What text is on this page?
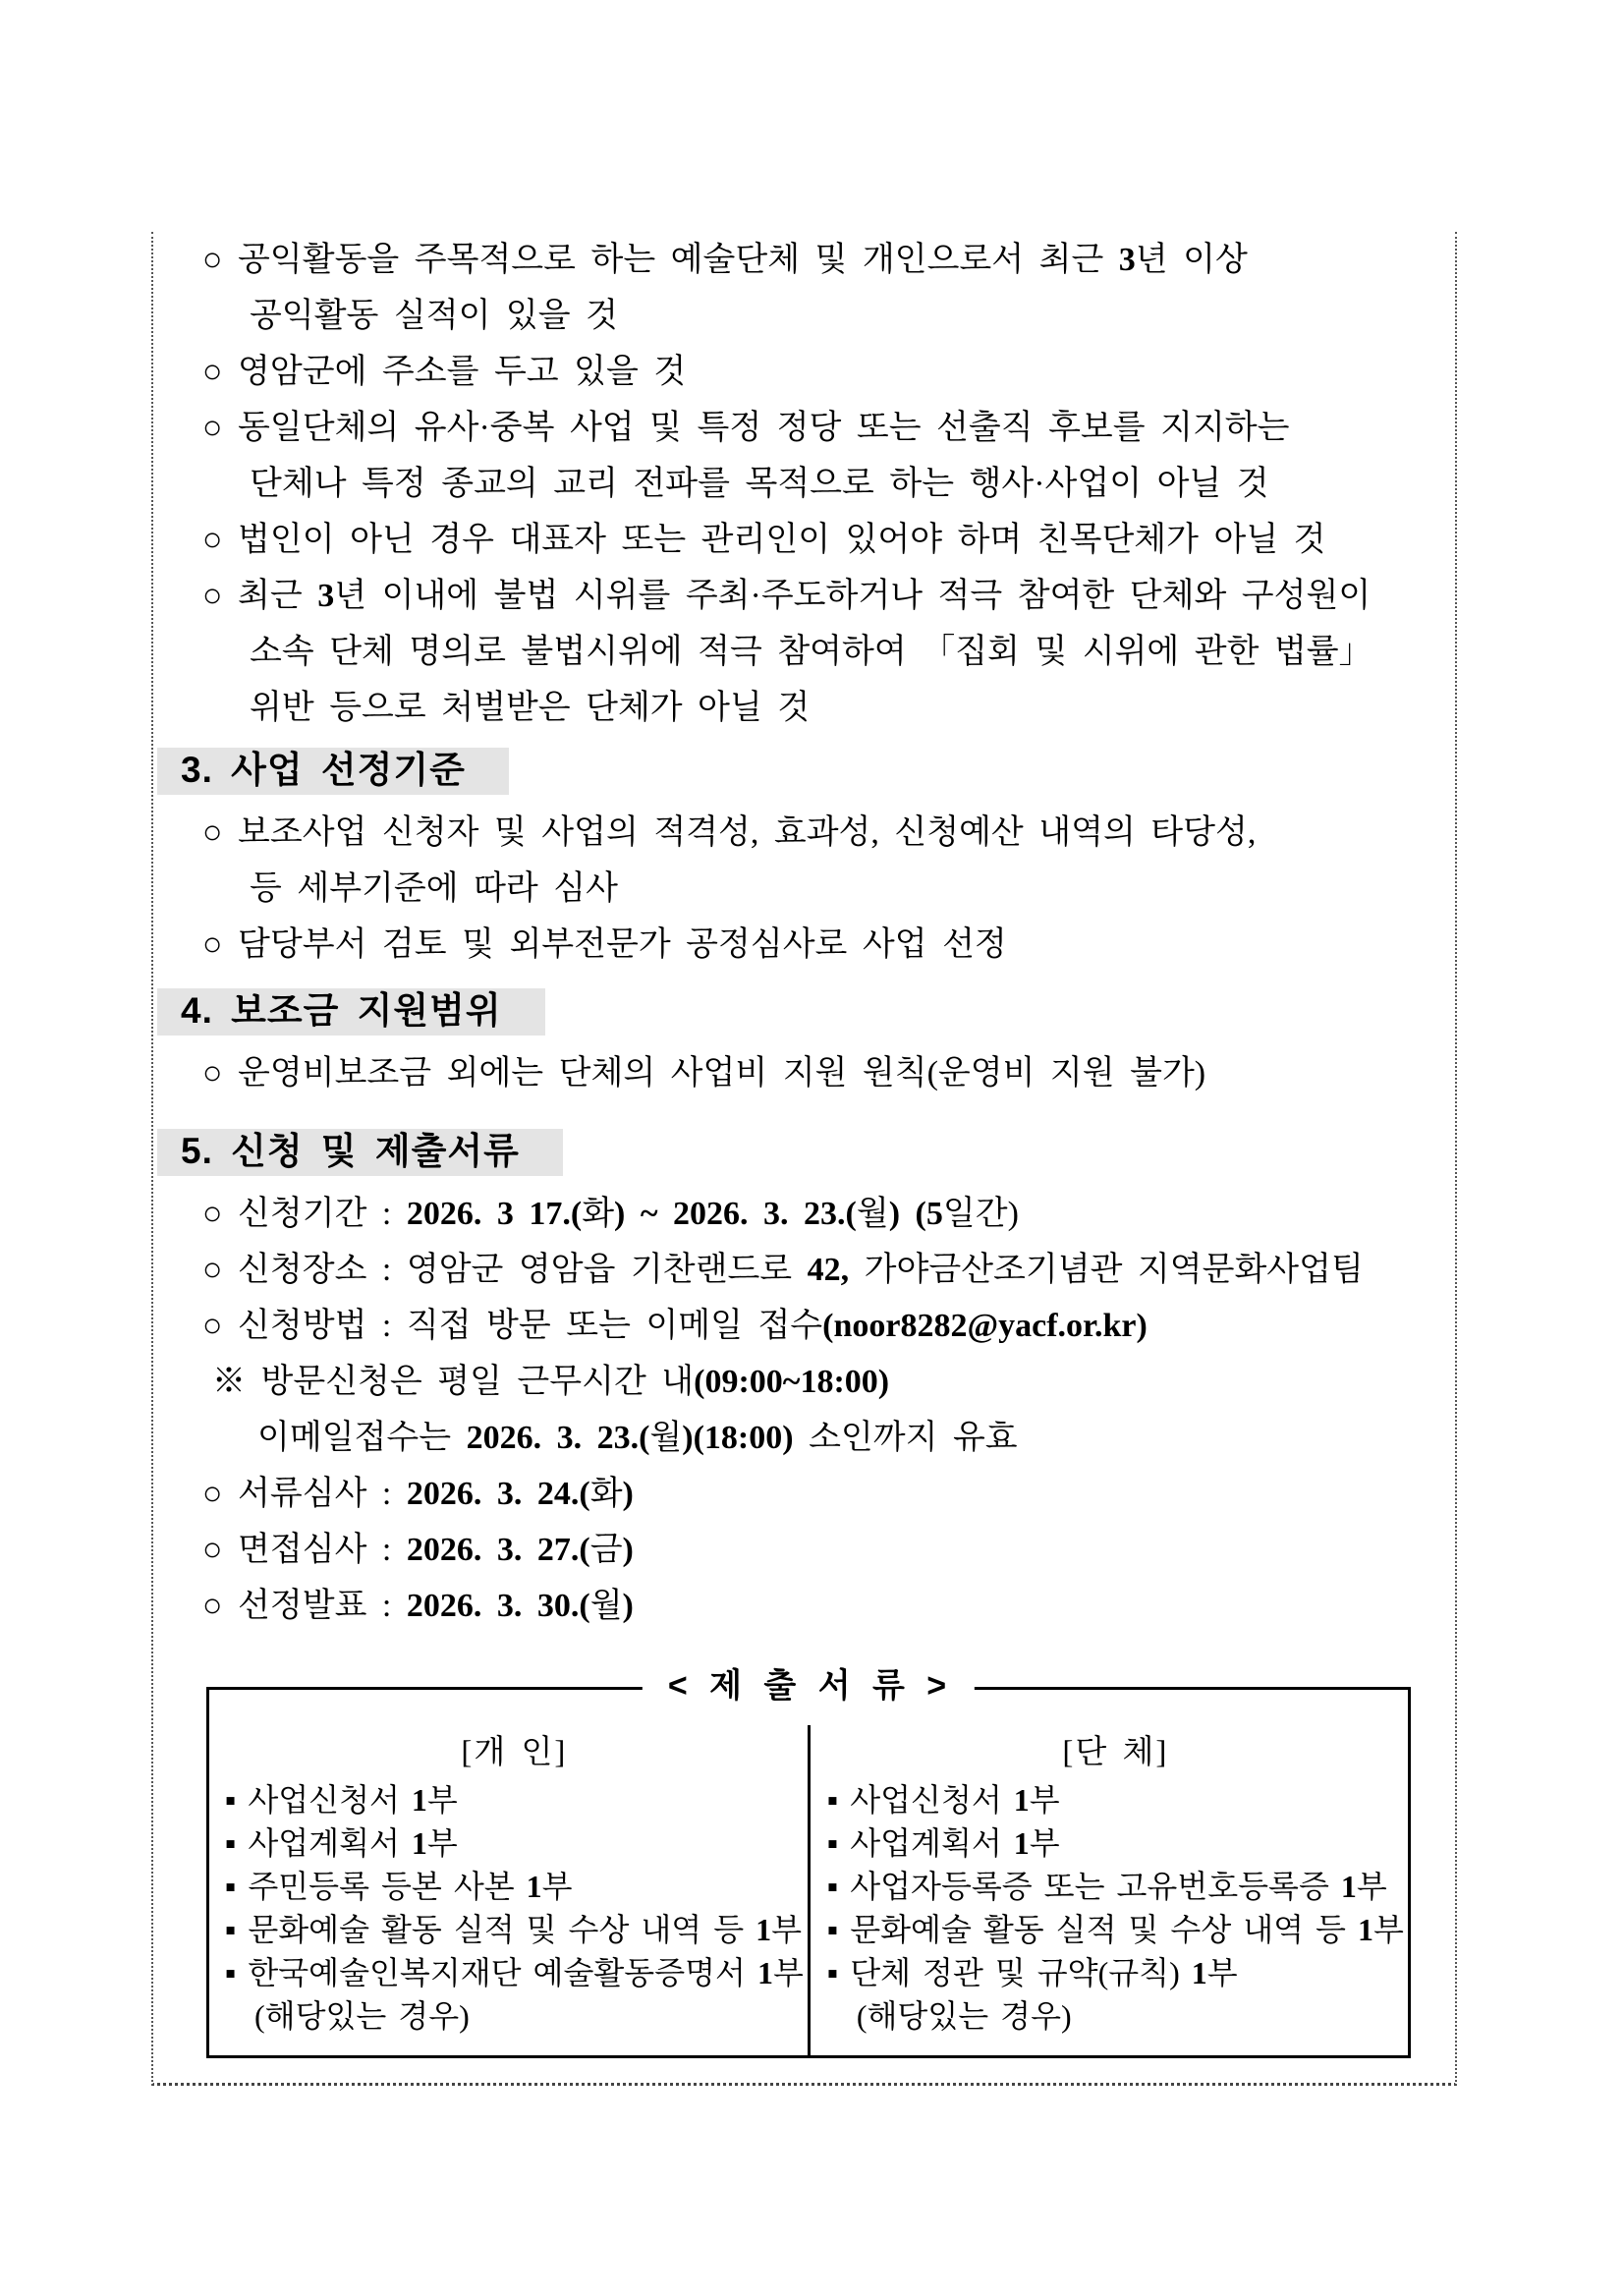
○ 공익활동을 주목적으로 하는 예술단체 및 개인으로서 최근 3년 이상

공익활동 실적이 있을 것

○ 영암군에 주소를 두고 있을 것

○ 동일단체의 유사·중복 사업 및 특정 정당 또는 선출직 후보를 지지하는

단체나 특정 종교의 교리 전파를 목적으로 하는 행사·사업이 아닐 것

○ 법인이 아닌 경우 대표자 또는 관리인이 있어야 하며 친목단체가 아닐 것

○ 최근 3년 이내에 불법 시위를 주최·주도하거나 적극 참여한 단체와 구성원이

소속 단체 명의로 불법시위에 적극 참여하여 「집회 및 시위에 관한 법률」

위반 등으로 처벌받은 단체가 아닐 것

3. 사업 선정기준

○ 보조사업 신청자 및 사업의 적격성, 효과성, 신청예산 내역의 타당성,

등 세부기준에 따라 심사

○ 담당부서 검토 및 외부전문가 공정심사로 사업 선정

4. 보조금 지원범위

○ 운영비보조금 외에는 단체의 사업비 지원 원칙(운영비 지원 불가)

5. 신청 및 제출서류

○ 신청기간 : 2026. 3 17.(화) ~ 2026. 3. 23.(월) (5일간)

○ 신청장소 : 영암군 영암읍 기찬랜드로 42, 가야금산조기념관 지역문화사업팀

○ 신청방법 : 직접 방문 또는 이메일 접수(noor8282@yacf.or.kr)

※ 방문신청은 평일 근무시간 내(09:00~18:00)

이메일접수는 2026. 3. 23.(월)(18:00) 소인까지 유효

○ 서류심사 : 2026. 3. 24.(화)

○ 면접심사 : 2026. 3. 27.(금)

○ 선정발표 : 2026. 3. 30.(월)

< 제 출 서 류 >

[개 인]

▪ 사업신청서 1부

▪ 사업계획서 1부

▪ 주민등록 등본 사본 1부

▪ 문화예술 활동 실적 및 수상 내역 등 1부

▪ 한국예술인복지재단 예술활동증명서 1부

(해당있는 경우)

[단 체]

▪ 사업신청서 1부

▪ 사업계획서 1부

▪ 사업자등록증 또는 고유번호등록증 1부

▪ 문화예술 활동 실적 및 수상 내역 등 1부

▪ 단체 정관 및 규약(규칙) 1부

(해당있는 경우)
